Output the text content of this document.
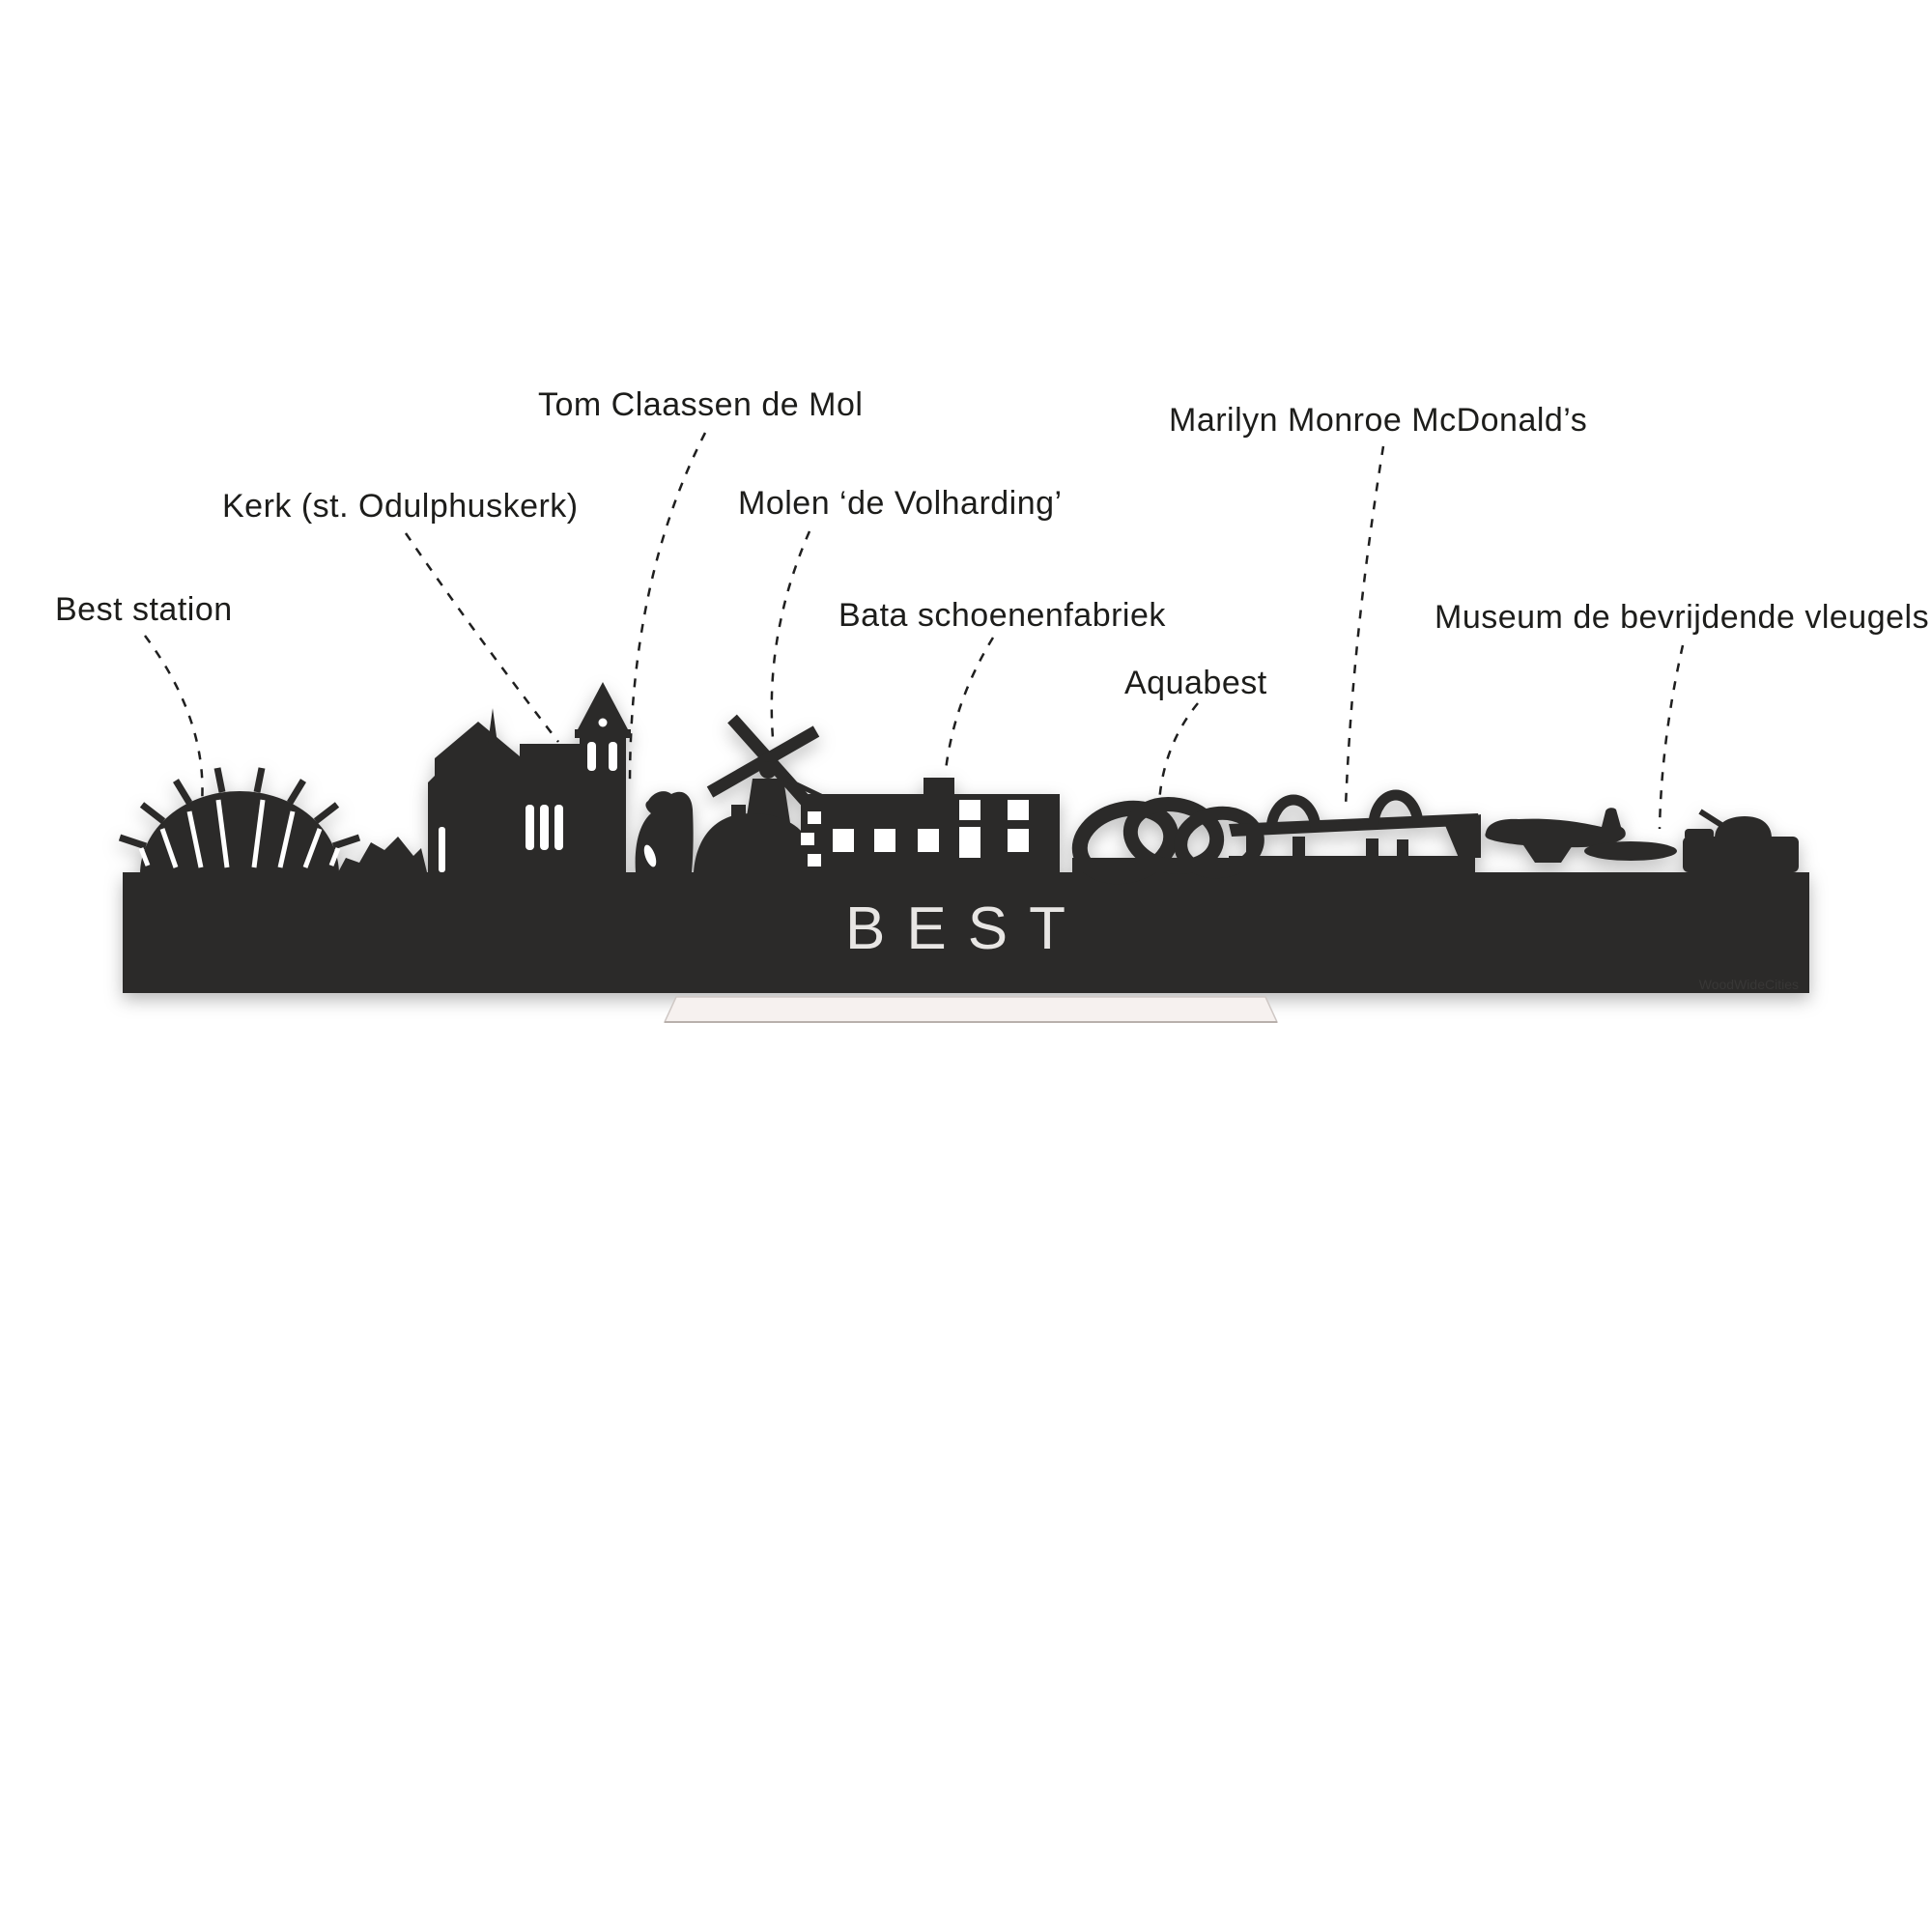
Best station
Kerk (st. Odulphuskerk)
Tom Claassen de Mol
Molen ‘de Volharding’
Bata schoenenfabriek
Aquabest
Marilyn Monroe McDonald’s
Museum de bevrijdende vleugels
BEST
WoodWideCities
